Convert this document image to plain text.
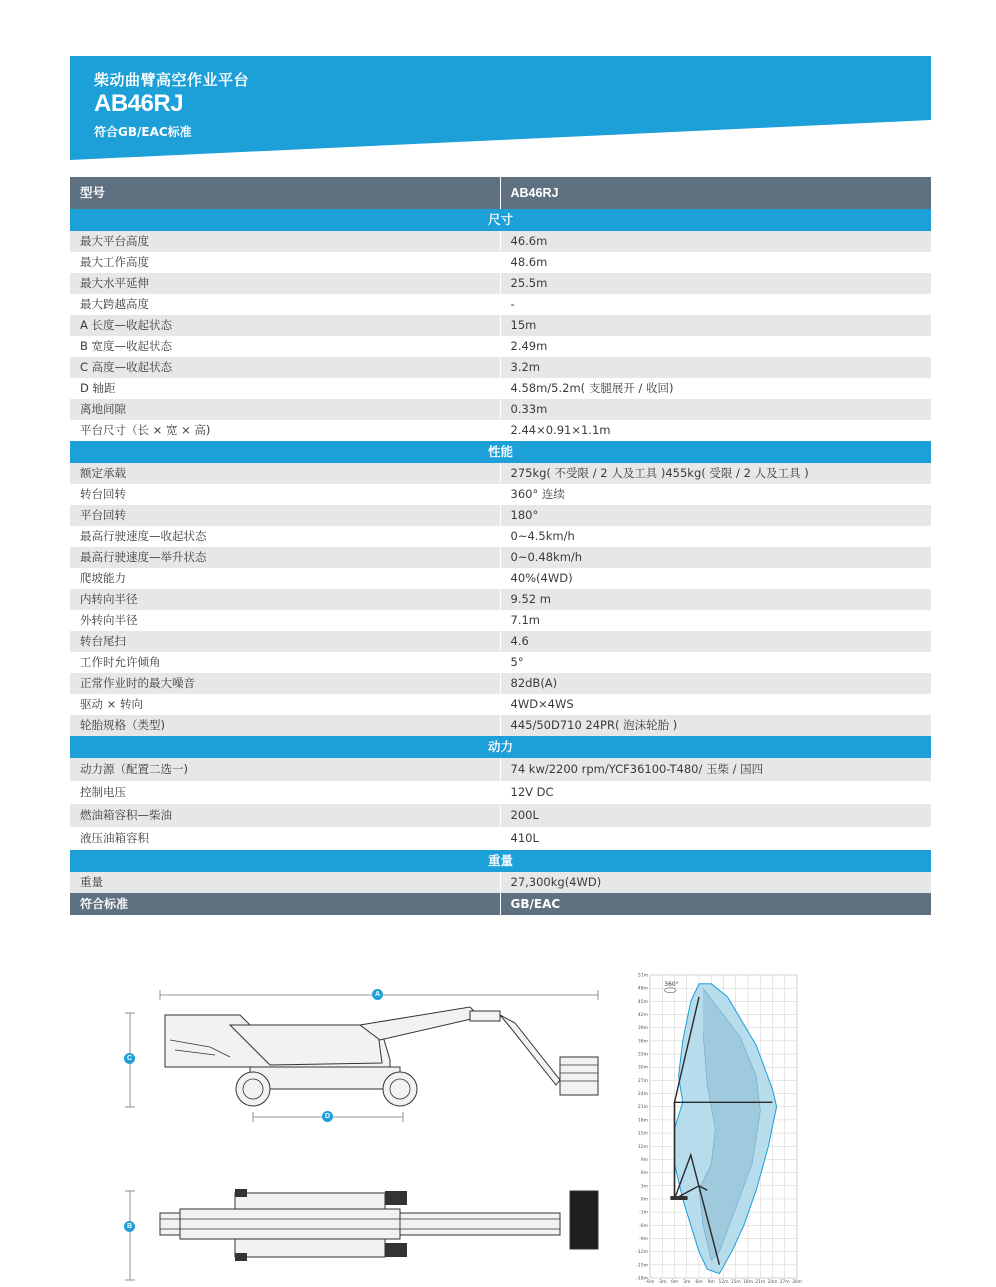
柴动曲臂高空作业平台
AB46RJ
符合GB/EAC标准
型号	AB46RJ
尺寸	
最大平台高度	46.6m
最大工作高度	48.6m
最大水平延伸	25.5m
最大跨越高度	-
A 长度—收起状态	15m
B 宽度—收起状态	2.49m
C 高度—收起状态	3.2m
D 轴距	4.58m/5.2m( 支腿展开 / 收回)
离地间隙	0.33m
平台尺寸（长 × 宽 × 高)	2.44×0.91×1.1m
性能	
额定承载	275kg( 不受限 / 2 人及工具 )455kg( 受限 / 2 人及工具 )
转台回转	360° 连续
平台回转	180°
最高行驶速度—收起状态	0~4.5km/h
最高行驶速度—举升状态	0~0.48km/h
爬坡能力	40%(4WD)
内转向半径	9.52 m
外转向半径	7.1m
转台尾扫	4.6
工作时允许倾角	5°
正常作业时的最大噪音	82dB(A)
驱动 × 转向	4WD×4WS
轮胎规格（类型)	445/50D710 24PR( 泡沫轮胎 )
动力	
动力源（配置二选一)	74 kw/2200 rpm/YCF36100-T480/ 玉柴 / 国四
控制电压	12V DC
燃油箱容积—柴油	200L
液压油箱容积	410L
重量	
重量	27,300kg(4WD)
符合标准	GB/EAC
A
C
D
B
51m
48m
45m
42m
39m
36m
33m
30m
27m
24m
21m
18m
15m
12m
9m
6m
3m
0m
-3m
-6m
-9m
-12m
-15m
-18m
-6m -3m 0m 3m 6m 9m 12m 15m 18m 21m 24m 27m 30m
360°
